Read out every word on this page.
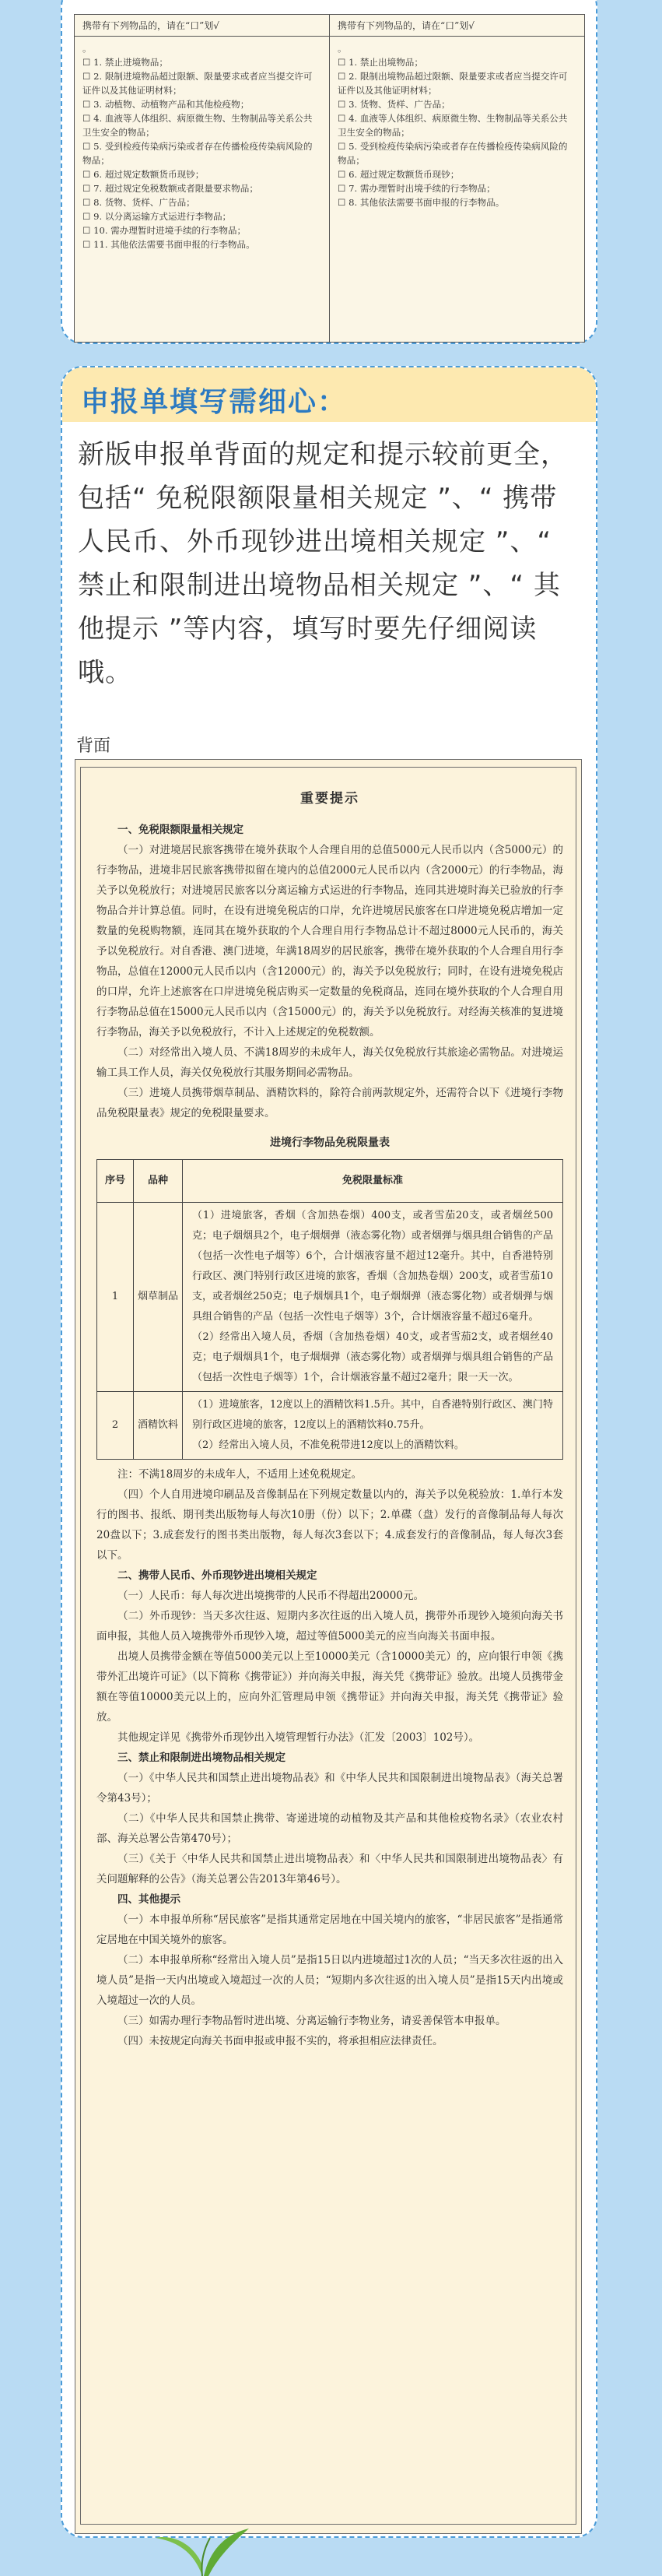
携带有下列物品的，请在“口”划√
。
☐ 1. 禁止进境物品；
☐ 2. 限制进境物品超过限额、限量要求或者应当提交许可证件以及其他证明材料；
☐ 3. 动植物、动植物产品和其他检疫物；
☐ 4. 血液等人体组织、病原微生物、生物制品等关系公共卫生安全的物品；
☐ 5. 受到检疫传染病污染或者存在传播检疫传染病风险的物品；
☐ 6. 超过规定数额货币现钞；
☐ 7. 超过规定免税数额或者限量要求物品；
☐ 8. 货物、货样、广告品；
☐ 9. 以分离运输方式运进行李物品；
☐ 10. 需办理暂时进境手续的行李物品；
☐ 11. 其他依法需要书面申报的行李物品。
携带有下列物品的，请在“口”划√
。
☐ 1. 禁止出境物品；
☐ 2. 限制出境物品超过限额、限量要求或者应当提交许可证件以及其他证明材料；
☐ 3. 货物、货样、广告品；
☐ 4. 血液等人体组织、病原微生物、生物制品等关系公共卫生安全的物品；
☐ 5. 受到检疫传染病污染或者存在传播检疫传染病风险的物品；
☐ 6. 超过规定数额货币现钞；
☐ 7. 需办理暂时出境手续的行李物品；
☐ 8. 其他依法需要书面申报的行李物品。
申报单填写需细心：
新版申报单背面的规定和提示较前更全，包括“ 免税限额限量相关规定 ”、“ 携带人民币、外币现钞进出境相关规定 ”、“ 禁止和限制进出境物品相关规定 ”、“ 其他提示 ”等内容，填写时要先仔细阅读哦。
背面
重要提示

一、免税限额限量相关规定

（一）对进境居民旅客携带在境外获取个人合理自用的总值5000元人民币以内（含5000元）的行李物品，进境非居民旅客携带拟留在境内的总值2000元人民币以内（含2000元）的行李物品，海关予以免税放行；对进境居民旅客以分离运输方式运进的行李物品，连同其进境时海关已验放的行李物品合并计算总值。同时，在设有进境免税店的口岸，允许进境居民旅客在口岸进境免税店增加一定数量的免税购物额，连同其在境外获取的个人合理自用行李物品总计不超过8000元人民币的，海关予以免税放行。对自香港、澳门进境，年满18周岁的居民旅客，携带在境外获取的个人合理自用行李物品，总值在12000元人民币以内（含12000元）的，海关予以免税放行；同时，在设有进境免税店的口岸，允许上述旅客在口岸进境免税店购买一定数量的免税商品，连同在境外获取的个人合理自用行李物品总值在15000元人民币以内（含15000元）的，海关予以免税放行。对经海关核准的复进境行李物品，海关予以免税放行，不计入上述规定的免税数额。

（二）对经常出入境人员、不满18周岁的未成年人，海关仅免税放行其旅途必需物品。对进境运输工具工作人员，海关仅免税放行其服务期间必需物品。

（三）进境人员携带烟草制品、酒精饮料的，除符合前两款规定外，还需符合以下《进境行李物品免税限量表》规定的免税限量要求。

进境行李物品免税限量表
序号	品种	免税限量标准
1	烟草制品	（1）进境旅客，香烟（含加热卷烟）400支，或者雪茄20支，或者烟丝500克；电子烟烟具2个，电子烟烟弹（液态雾化物）或者烟弹与烟具组合销售的产品（包括一次性电子烟等）6个，合计烟液容量不超过12毫升。其中，自香港特别行政区、澳门特别行政区进境的旅客，香烟（含加热卷烟）200支，或者雪茄10支，或者烟丝250克；电子烟烟具1个，电子烟烟弹（液态雾化物）或者烟弹与烟具组合销售的产品（包括一次性电子烟等）3个，合计烟液容量不超过6毫升。

（2）经常出入境人员，香烟（含加热卷烟）40支，或者雪茄2支，或者烟丝40克；电子烟烟具1个，电子烟烟弹（液态雾化物）或者烟弹与烟具组合销售的产品（包括一次性电子烟等）1个，合计烟液容量不超过2毫升；限一天一次。

2	酒精饮料	（1）进境旅客，12度以上的酒精饮料1.5升。其中，自香港特别行政区、澳门特别行政区进境的旅客，12度以上的酒精饮料0.75升。

（2）经常出入境人员，不准免税带进12度以上的酒精饮料。

注：不满18周岁的未成年人，不适用上述免税规定。

（四）个人自用进境印刷品及音像制品在下列规定数量以内的，海关予以免税验放：1.单行本发行的图书、报纸、期刊类出版物每人每次10册（份）以下；2.单碟（盘）发行的音像制品每人每次20盘以下；3.成套发行的图书类出版物，每人每次3套以下；4.成套发行的音像制品，每人每次3套以下。

二、携带人民币、外币现钞进出境相关规定

（一）人民币：每人每次进出境携带的人民币不得超出20000元。

（二）外币现钞：当天多次往返、短期内多次往返的出入境人员，携带外币现钞入境须向海关书面申报，其他人员入境携带外币现钞入境，超过等值5000美元的应当向海关书面申报。

出境人员携带金额在等值5000美元以上至10000美元（含10000美元）的，应向银行申领《携带外汇出境许可证》（以下简称《携带证》）并向海关申报，海关凭《携带证》验放。出境人员携带金额在等值10000美元以上的，应向外汇管理局申领《携带证》并向海关申报，海关凭《携带证》验放。

其他规定详见《携带外币现钞出入境管理暂行办法》（汇发〔2003〕102号）。

三、禁止和限制进出境物品相关规定

（一）《中华人民共和国禁止进出境物品表》和《中华人民共和国限制进出境物品表》（海关总署令第43号）；

（二）《中华人民共和国禁止携带、寄递进境的动植物及其产品和其他检疫物名录》（农业农村部、海关总署公告第470号）；

（三）《关于〈中华人民共和国禁止进出境物品表〉和〈中华人民共和国限制进出境物品表〉有关问题解释的公告》（海关总署公告2013年第46号）。

四、其他提示

（一）本申报单所称“居民旅客”是指其通常定居地在中国关境内的旅客，“非居民旅客”是指通常定居地在中国关境外的旅客。

（二）本申报单所称“经常出入境人员”是指15日以内进境超过1次的人员；“当天多次往返的出入境人员”是指一天内出境或入境超过一次的人员；“短期内多次往返的出入境人员”是指15天内出境或入境超过一次的人员。

（三）如需办理行李物品暂时进出境、分离运输行李物业务，请妥善保管本申报单。

（四）未按规定向海关书面申报或申报不实的，将承担相应法律责任。
